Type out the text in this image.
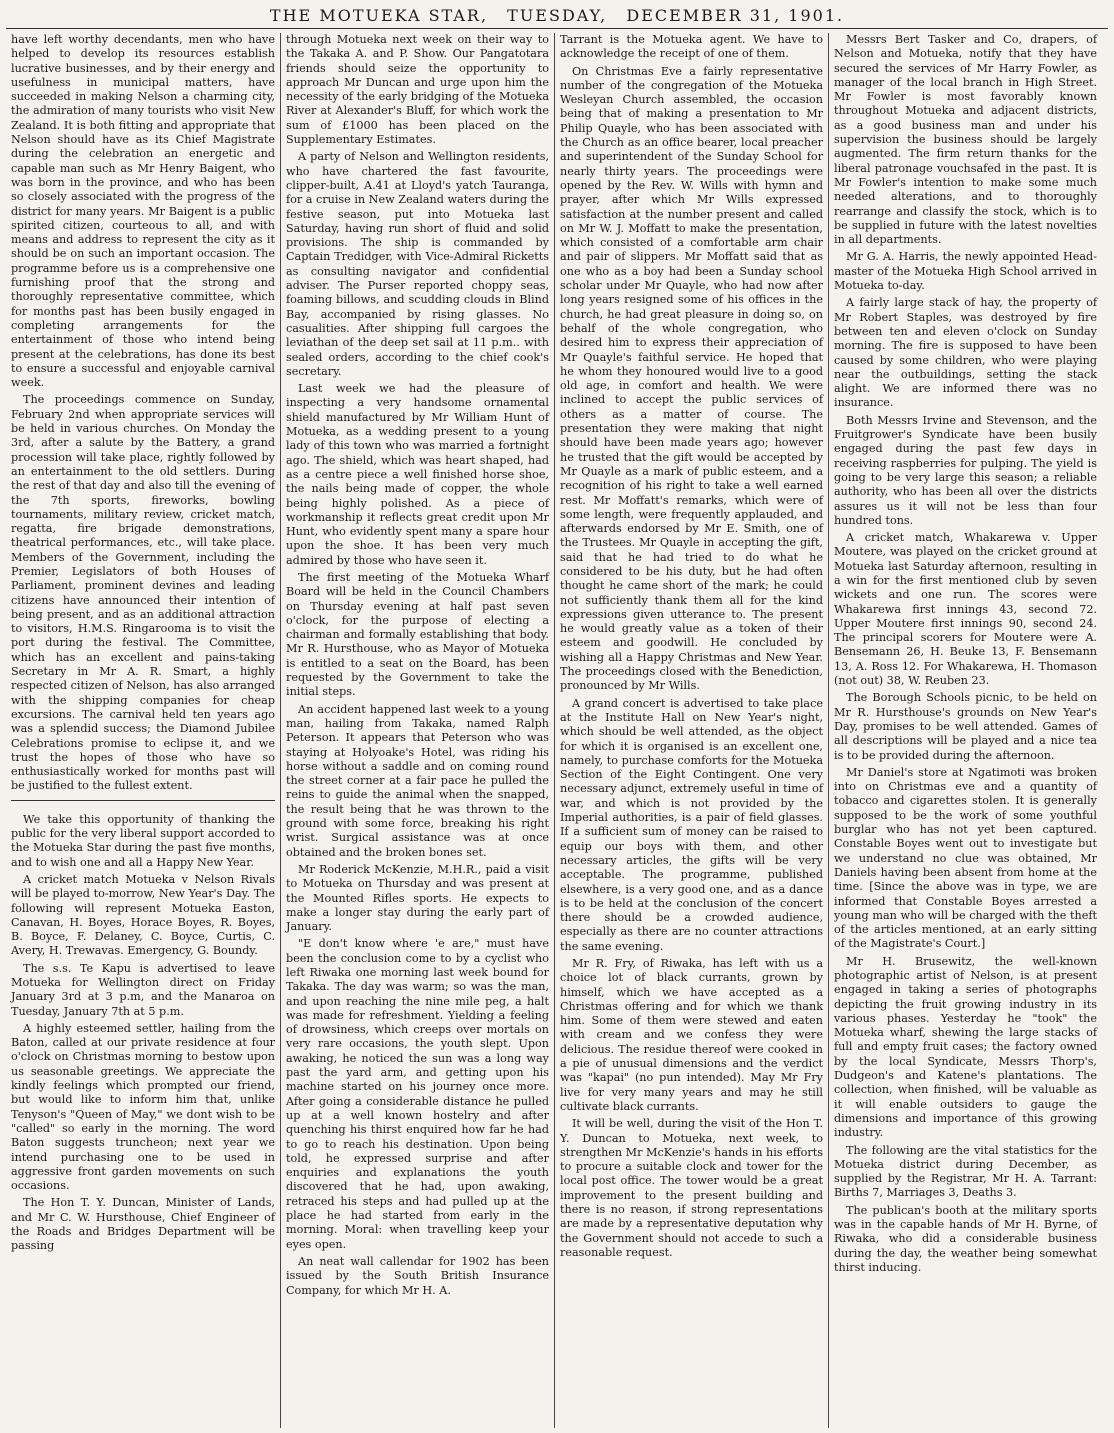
THE MOTUEKA STAR, TUESDAY, DECEMBER 31, 1901.

have left worthy decendants, men who have helped to develop its resources establish lucrative businesses, and by their energy and usefulness in municipal matters, have succeeded in making Nelson a charming city, the admiration of many tourists who visit New Zealand. It is both fitting and appropriate that Nelson should have as its Chief Magistrate during the celebration an energetic and capable man such as Mr Henry Baigent, who was born in the province, and who has been so closely associated with the progress of the district for many years. Mr Baigent is a public spirited citizen, courteous to all, and with means and address to represent the city as it should be on such an important occasion. The programme before us is a comprehensive one furnishing proof that the strong and thoroughly representative committee, which for months past has been busily engaged in completing arrangements for the entertainment of those who intend being present at the celebrations, has done its best to ensure a successful and enjoyable carnival week.

The proceedings commence on Sunday, February 2nd when appropriate services will be held in various churches. On Monday the 3rd, after a salute by the Battery, a grand procession will take place, rightly followed by an entertainment to the old settlers. During the rest of that day and also till the evening of the 7th sports, fireworks, bowling tournaments, military review, cricket match, regatta, fire brigade demonstrations, theatrical performances, etc., will take place. Members of the Government, including the Premier, Legislators of both Houses of Parliament, prominent devines and leading citizens have announced their intention of being present, and as an additional attraction to visitors, H.M.S. Ringarooma is to visit the port during the festival. The Committee, which has an excellent and pains-taking Secretary in Mr A. R. Smart, a highly respected citizen of Nelson, has also arranged with the shipping companies for cheap excursions. The carnival held ten years ago was a splendid success; the Diamond Jubilee Celebrations promise to eclipse it, and we trust the hopes of those who have so enthusiastically worked for months past will be justified to the fullest extent.

We take this opportunity of thanking the public for the very liberal support accorded to the Motueka Star during the past five months, and to wish one and all a Happy New Year.

A cricket match Motueka v Nelson Rivals will be played to-morrow, New Year's Day. The following will represent Motueka Easton, Canavan, H. Boyes, Horace Boyes, R. Boyes, B. Boyce, F. Delaney, C. Boyce, Curtis, C. Avery, H. Trewavas. Emergency, G. Boundy.

The s.s. Te Kapu is advertised to leave Motueka for Wellington direct on Friday January 3rd at 3 p.m, and the Manaroa on Tuesday, January 7th at 5 p.m.

A highly esteemed settler, hailing from the Baton, called at our private residence at four o'clock on Christmas morning to bestow upon us seasonable greetings. We appreciate the kindly feelings which prompted our friend, but would like to inform him that, unlike Tenyson's "Queen of May," we dont wish to be "called" so early in the morning. The word Baton suggests truncheon; next year we intend purchasing one to be used in aggressive front garden movements on such occasions.

The Hon T. Y. Duncan, Minister of Lands, and Mr C. W. Hursthouse, Chief Engineer of the Roads and Bridges Department will be passing

through Motueka next week on their way to the Takaka A. and P. Show. Our Pangatotara friends should seize the opportunity to approach Mr Duncan and urge upon him the necessity of the early bridging of the Motueka River at Alexander's Bluff, for which work the sum of £1000 has been placed on the Supplementary Estimates.

A party of Nelson and Wellington residents, who have chartered the fast favourite, clipper-built, A.41 at Lloyd's yatch Tauranga, for a cruise in New Zealand waters during the festive season, put into Motueka last Saturday, having run short of fluid and solid provisions. The ship is commanded by Captain Tredidger, with Vice-Admiral Ricketts as consulting navigator and confidential adviser. The Purser reported choppy seas, foaming billows, and scudding clouds in Blind Bay, accompanied by rising glasses. No casualities. After shipping full cargoes the leviathan of the deep set sail at 11 p.m.. with sealed orders, according to the chief cook's secretary.

Last week we had the pleasure of inspecting a very handsome ornamental shield manufactured by Mr William Hunt of Motueka, as a wedding present to a young lady of this town who was married a fortnight ago. The shield, which was heart shaped, had as a centre piece a well finished horse shoe, the nails being made of copper, the whole being highly polished. As a piece of workmanship it reflects great credit upon Mr Hunt, who evidently spent many a spare hour upon the shoe. It has been very much admired by those who have seen it.

The first meeting of the Motueka Wharf Board will be held in the Council Chambers on Thursday evening at half past seven o'clock, for the purpose of electing a chairman and formally establishing that body. Mr R. Hursthouse, who as Mayor of Motueka is entitled to a seat on the Board, has been requested by the Government to take the initial steps.

An accident happened last week to a young man, hailing from Takaka, named Ralph Peterson. It appears that Peterson who was staying at Holyoake's Hotel, was riding his horse without a saddle and on coming round the street corner at a fair pace he pulled the reins to guide the animal when the snapped, the result being that he was thrown to the ground with some force, breaking his right wrist. Surgical assistance was at once obtained and the broken bones set.

Mr Roderick McKenzie, M.H.R., paid a visit to Motueka on Thursday and was present at the Mounted Rifles sports. He expects to make a longer stay during the early part of January.

"E don't know where 'e are," must have been the conclusion come to by a cyclist who left Riwaka one morning last week bound for Takaka. The day was warm; so was the man, and upon reaching the nine mile peg, a halt was made for refreshment. Yielding a feeling of drowsiness, which creeps over mortals on very rare occasions, the youth slept. Upon awaking, he noticed the sun was a long way past the yard arm, and getting upon his machine started on his journey once more. After going a considerable distance he pulled up at a well known hostelry and after quenching his thirst enquired how far he had to go to reach his destination. Upon being told, he expressed surprise and after enquiries and explanations the youth discovered that he had, upon awaking, retraced his steps and had pulled up at the place he had started from early in the morning. Moral: when travelling keep your eyes open.

An neat wall callendar for 1902 has been issued by the South British Insurance Company, for which Mr H. A.

Tarrant is the Motueka agent. We have to acknowledge the receipt of one of them.

On Christmas Eve a fairly representative number of the congregation of the Motueka Wesleyan Church assembled, the occasion being that of making a presentation to Mr Philip Quayle, who has been associated with the Church as an office bearer, local preacher and superintendent of the Sunday School for nearly thirty years. The proceedings were opened by the Rev. W. Wills with hymn and prayer, after which Mr Wills expressed satisfaction at the number present and called on Mr W. J. Moffatt to make the presentation, which consisted of a comfortable arm chair and pair of slippers. Mr Moffatt said that as one who as a boy had been a Sunday school scholar under Mr Quayle, who had now after long years resigned some of his offices in the church, he had great pleasure in doing so, on behalf of the whole congregation, who desired him to express their appreciation of Mr Quayle's faithful service. He hoped that he whom they honoured would live to a good old age, in comfort and health. We were inclined to accept the public services of others as a matter of course. The presentation they were making that night should have been made years ago; however he trusted that the gift would be accepted by Mr Quayle as a mark of public esteem, and a recognition of his right to take a well earned rest. Mr Moffatt's remarks, which were of some length, were frequently applauded, and afterwards endorsed by Mr E. Smith, one of the Trustees. Mr Quayle in accepting the gift, said that he had tried to do what he considered to be his duty, but he had often thought he came short of the mark; he could not sufficiently thank them all for the kind expressions given utterance to. The present he would greatly value as a token of their esteem and goodwill. He concluded by wishing all a Happy Christmas and New Year. The proceedings closed with the Benediction, pronounced by Mr Wills.

A grand concert is advertised to take place at the Institute Hall on New Year's night, which should be well attended, as the object for which it is organised is an excellent one, namely, to purchase comforts for the Motueka Section of the Eight Contingent. One very necessary adjunct, extremely useful in time of war, and which is not provided by the Imperial authorities, is a pair of field glasses. If a sufficient sum of money can be raised to equip our boys with them, and other necessary articles, the gifts will be very acceptable. The programme, published elsewhere, is a very good one, and as a dance is to be held at the conclusion of the concert there should be a crowded audience, especially as there are no counter attractions the same evening.

Mr R. Fry, of Riwaka, has left with us a choice lot of black currants, grown by himself, which we have accepted as a Christmas offering and for which we thank him. Some of them were stewed and eaten with cream and we confess they were delicious. The residue thereof were cooked in a pie of unusual dimensions and the verdict was "kapai" (no pun intended). May Mr Fry live for very many years and may he still cultivate black currants.

It will be well, during the visit of the Hon T. Y. Duncan to Motueka, next week, to strengthen Mr McKenzie's hands in his efforts to procure a suitable clock and tower for the local post office. The tower would be a great improvement to the present building and there is no reason, if strong representations are made by a representative deputation why the Government should not accede to such a reasonable request.

Messrs Bert Tasker and Co, drapers, of Nelson and Motueka, notify that they have secured the services of Mr Harry Fowler, as manager of the local branch in High Street. Mr Fowler is most favorably known throughout Motueka and adjacent districts, as a good business man and under his supervision the business should be largely augmented. The firm return thanks for the liberal patronage vouchsafed in the past. It is Mr Fowler's intention to make some much needed alterations, and to thoroughly rearrange and classify the stock, which is to be supplied in future with the latest novelties in all departments.

Mr G. A. Harris, the newly appointed Head-master of the Motueka High School arrived in Motueka to-day.

A fairly large stack of hay, the property of Mr Robert Staples, was destroyed by fire between ten and eleven o'clock on Sunday morning. The fire is supposed to have been caused by some children, who were playing near the outbuildings, setting the stack alight. We are informed there was no insurance.

Both Messrs Irvine and Stevenson, and the Fruitgrower's Syndicate have been busily engaged during the past few days in receiving raspberries for pulping. The yield is going to be very large this season; a reliable authority, who has been all over the districts assures us it will not be less than four hundred tons.

A cricket match, Whakarewa v. Upper Moutere, was played on the cricket ground at Motueka last Saturday afternoon, resulting in a win for the first mentioned club by seven wickets and one run. The scores were Whakarewa first innings 43, second 72. Upper Moutere first innings 90, second 24. The principal scorers for Moutere were A. Bensemann 26, H. Beuke 13, F. Bensemann 13, A. Ross 12. For Whakarewa, H. Thomason (not out) 38, W. Reuben 23.

The Borough Schools picnic, to be held on Mr R. Hursthouse's grounds on New Year's Day, promises to be well attended. Games of all descriptions will be played and a nice tea is to be provided during the afternoon.

Mr Daniel's store at Ngatimoti was broken into on Christmas eve and a quantity of tobacco and cigarettes stolen. It is generally supposed to be the work of some youthful burglar who has not yet been captured. Constable Boyes went out to investigate but we understand no clue was obtained, Mr Daniels having been absent from home at the time. [Since the above was in type, we are informed that Constable Boyes arrested a young man who will be charged with the theft of the articles mentioned, at an early sitting of the Magistrate's Court.]

Mr H. Brusewitz, the well-known photographic artist of Nelson, is at present engaged in taking a series of photographs depicting the fruit growing industry in its various phases. Yesterday he "took" the Motueka wharf, shewing the large stacks of full and empty fruit cases; the factory owned by the local Syndicate, Messrs Thorp's, Dudgeon's and Katene's plantations. The collection, when finished, will be valuable as it will enable outsiders to gauge the dimensions and importance of this growing industry.

The following are the vital statistics for the Motueka district during December, as supplied by the Registrar, Mr H. A. Tarrant: Births 7, Marriages 3, Deaths 3.

The publican's booth at the military sports was in the capable hands of Mr H. Byrne, of Riwaka, who did a considerable business during the day, the weather being somewhat thirst inducing.
